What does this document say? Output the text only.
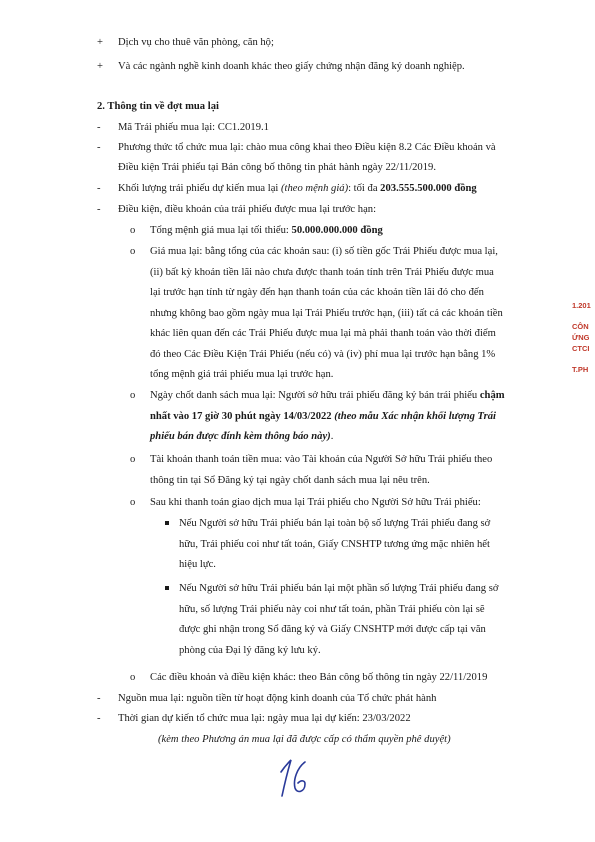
+
+
-
-
-
-
o
o
o
o
o
o
-
-
Dịch vụ cho thuê văn phòng, căn hộ;
Và các ngành nghề kinh doanh khác theo giấy chứng nhận đăng ký doanh nghiệp.
2. Thông tin về đợt mua lại
Mã Trái phiếu mua lại: CC1.2019.1
Phương thức tổ chức mua lại: chào mua công khai theo Điều kiện 8.2 Các Điều khoản và
Điều kiện Trái phiếu tại Bản công bố thông tin phát hành ngày 22/11/2019.
Khối lượng trái phiếu dự kiến mua lại (theo mệnh giá): tối đa 203.555.500.000 đồng
Điều kiện, điều khoản của trái phiếu được mua lại trước hạn:
Tổng mệnh giá mua lại tối thiểu: 50.000.000.000 đồng
Giá mua lại: bằng tổng của các khoản sau: (i) số tiền gốc Trái Phiếu được mua lại,
(ii) bất kỳ khoản tiền lãi nào chưa được thanh toán tính trên Trái Phiếu được mua
lại trước hạn tính từ ngày đến hạn thanh toán của các khoản tiền lãi đó cho đến
nhưng không bao gồm ngày mua lại Trái Phiếu trước hạn, (iii) tất cả các khoản tiền
khác liên quan đến các Trái Phiếu được mua lại mà phải thanh toán vào thời điểm
đó theo Các Điều Kiện Trái Phiếu (nếu có) và (iv) phí mua lại trước hạn bằng 1%
tổng mệnh giá trái phiếu mua lại trước hạn.
Ngày chốt danh sách mua lại: Người sở hữu trái phiếu đăng ký bán trái phiếu chậm
nhất vào 17 giờ 30 phút ngày 14/03/2022 (theo mẫu Xác nhận khối lượng Trái
phiếu bán được đính kèm thông báo này).
Tài khoản thanh toán tiền mua: vào Tài khoản của Người Sở hữu Trái phiếu theo
thông tin tại Sổ Đăng ký tại ngày chốt danh sách mua lại nêu trên.
Sau khi thanh toán giao dịch mua lại Trái phiếu cho Người Sở hữu Trái phiếu:
Nếu Người sở hữu Trái phiếu bán lại toàn bộ số lượng Trái phiếu đang sở
hữu, Trái phiếu coi như tất toán, Giấy CNSHTP tương ứng mặc nhiên hết
hiệu lực.
Nếu Người sở hữu Trái phiếu bán lại một phần số lượng Trái phiếu đang sở
hữu, số lượng Trái phiếu này coi như tất toán, phần Trái phiếu còn lại sẽ
được ghi nhận trong Sổ đăng ký và Giấy CNSHTP mới được cấp tại văn
phòng của Đại lý đăng ký lưu ký.
Các điều khoản và điều kiện khác: theo Bản công bố thông tin ngày 22/11/2019
Nguồn mua lại: nguồn tiền từ hoạt động kinh doanh của Tổ chức phát hành
Thời gian dự kiến tổ chức mua lại: ngày mua lại dự kiến: 23/03/2022
(kèm theo Phương án mua lại đã được cấp có thẩm quyền phê duyệt)
1.201
CÔN
ỨNG
CTCI
T.PH
